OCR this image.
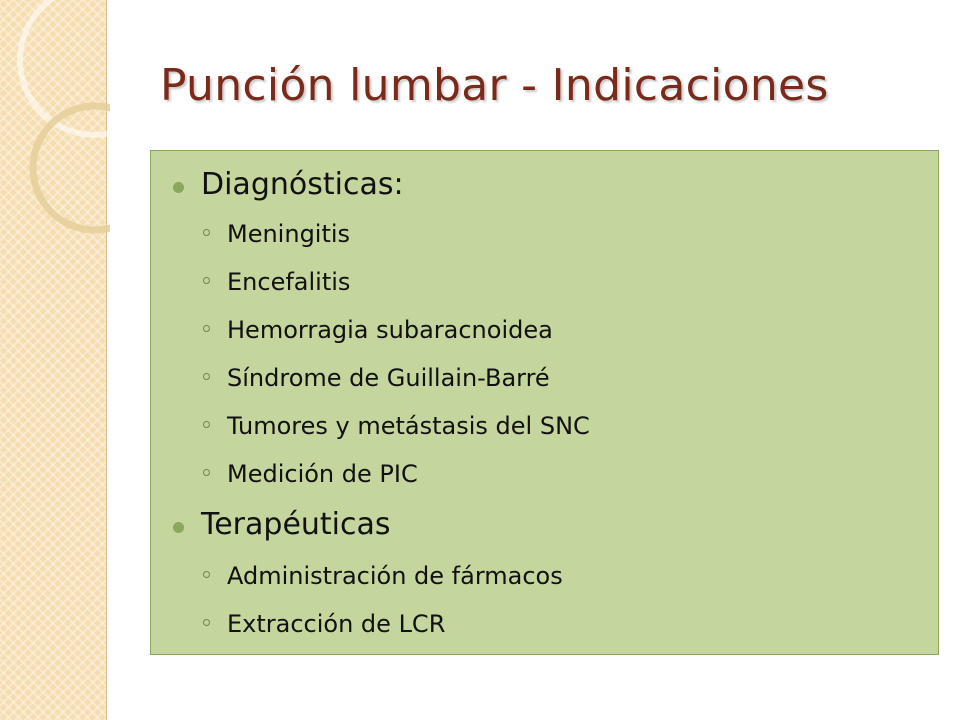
Punción lumbar - Indicaciones
Diagnósticas:
Meningitis
Encefalitis
Hemorragia subaracnoidea
Síndrome de Guillain-Barré
Tumores y metástasis del SNC
Medición de PIC
Terapéuticas
Administración de fármacos
Extracción de LCR
